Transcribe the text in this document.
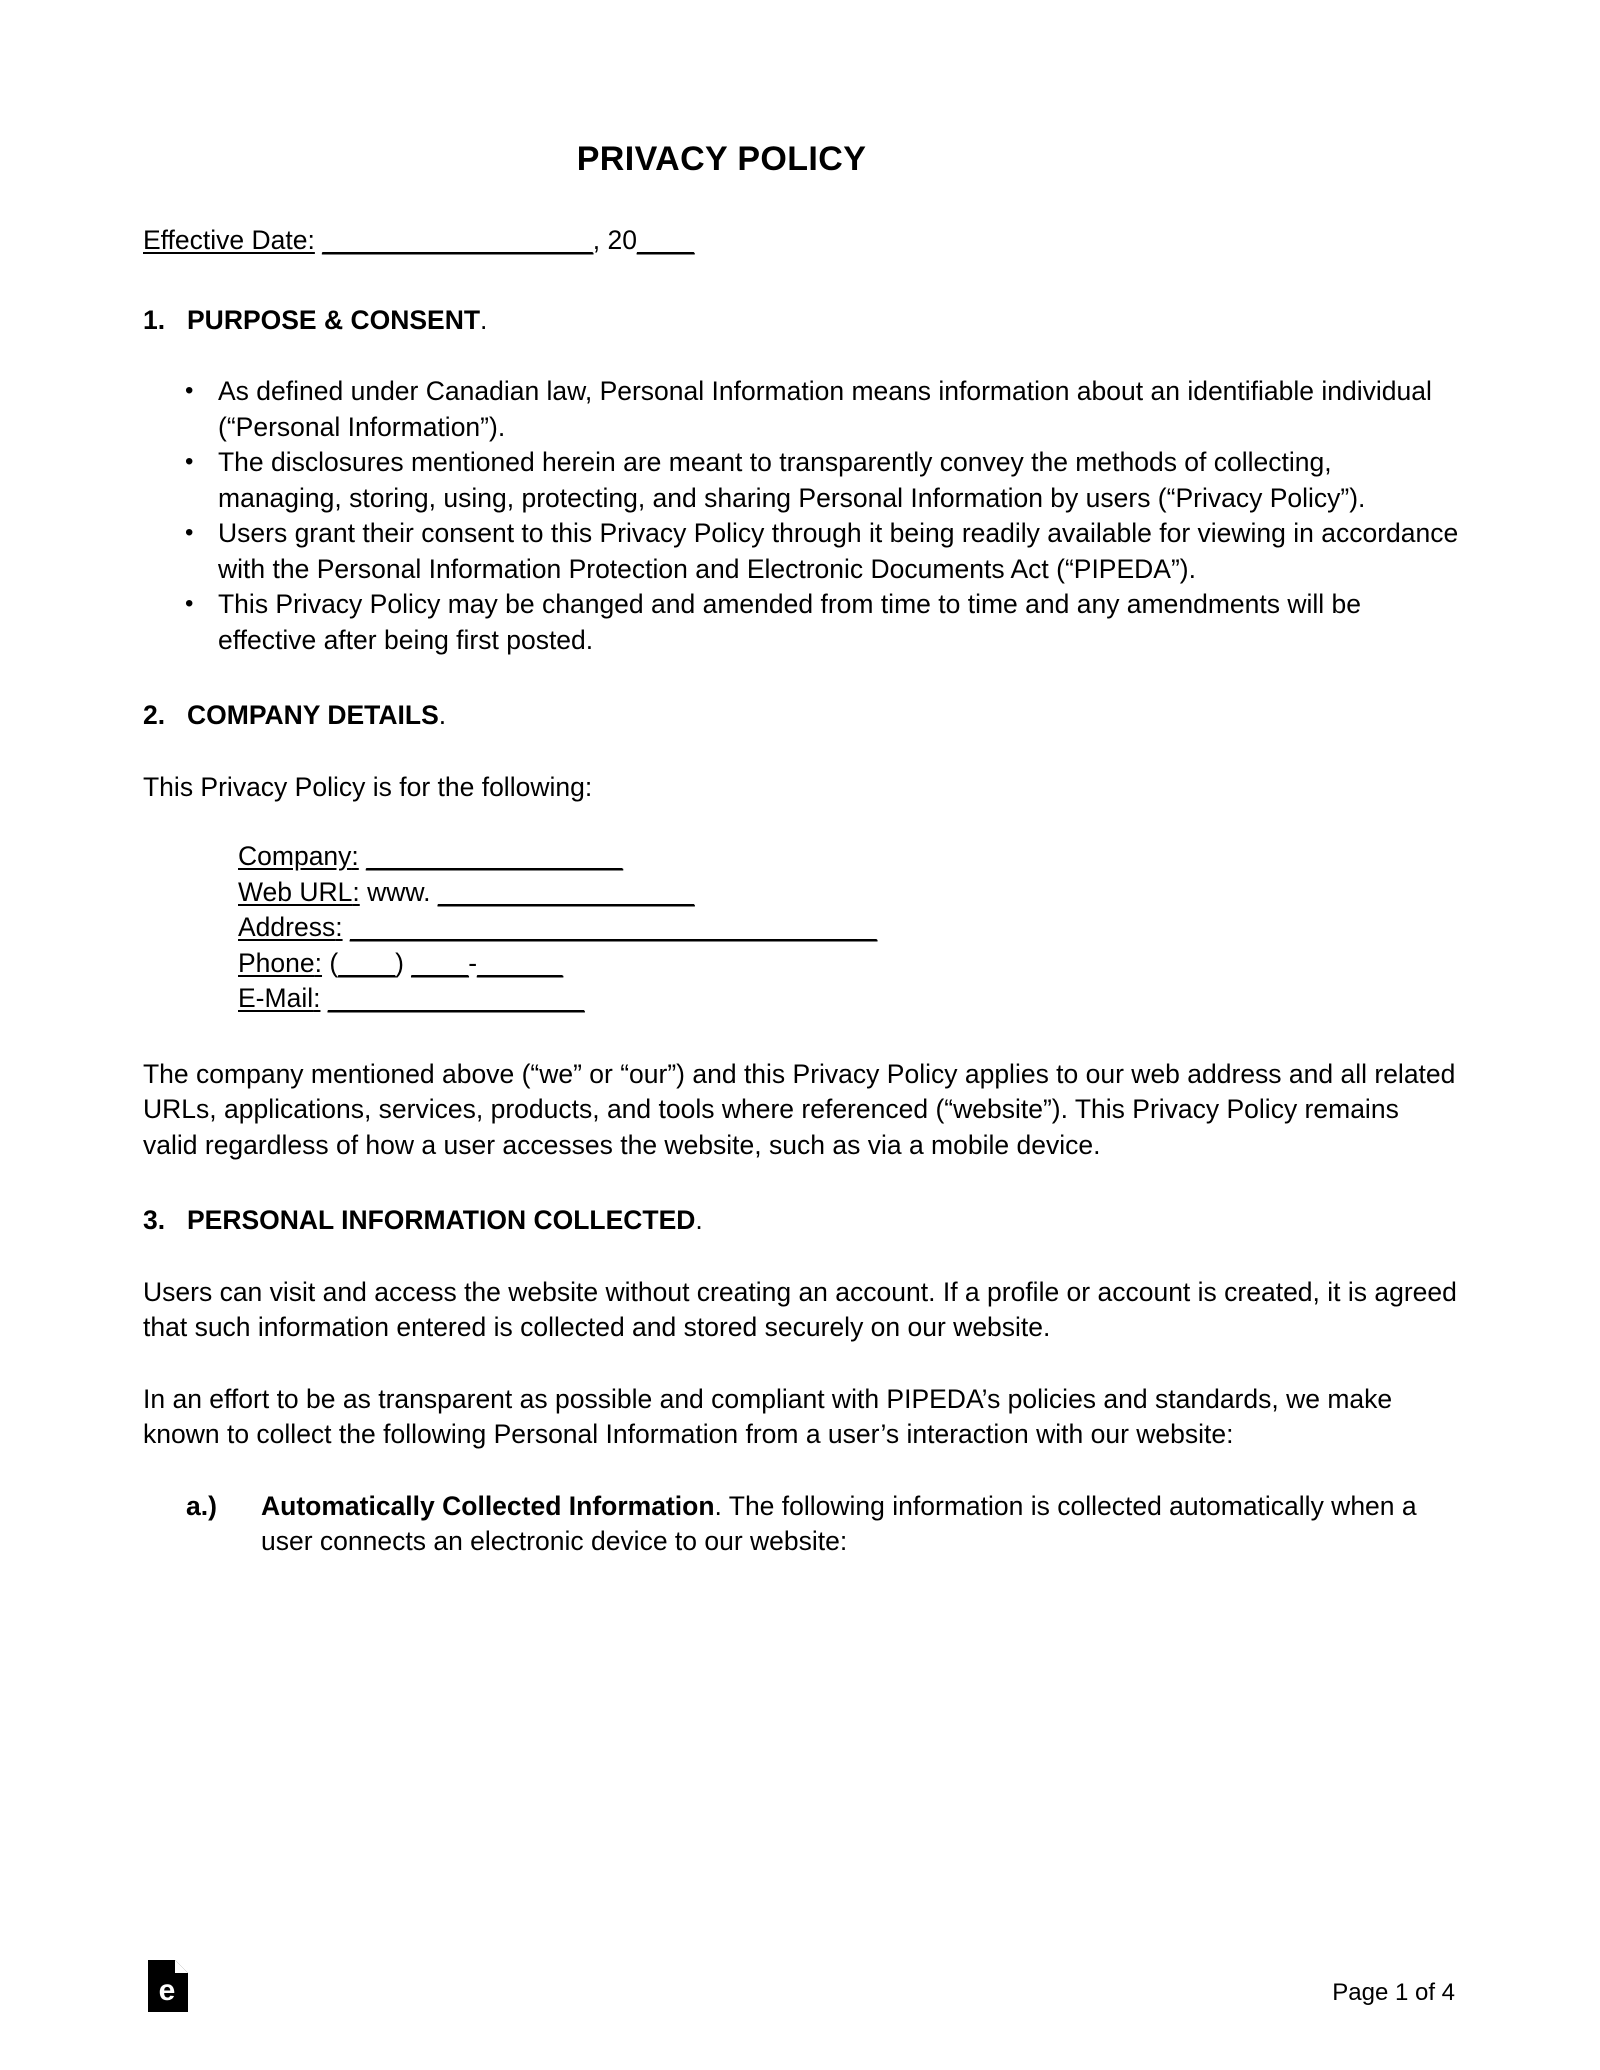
PRIVACY POLICY
Effective Date: ___________________, 20____
1. PURPOSE & CONSENT.
• As defined under Canadian law, Personal Information means information about an identifiable individual (“Personal Information”).
• The disclosures mentioned herein are meant to transparently convey the methods of collecting, managing, storing, using, protecting, and sharing Personal Information by users (“Privacy Policy”).
• Users grant their consent to this Privacy Policy through it being readily available for viewing in accordance with the Personal Information Protection and Electronic Documents Act (“PIPEDA”).
• This Privacy Policy may be changed and amended from time to time and any amendments will be effective after being first posted.
2. COMPANY DETAILS.

This Privacy Policy is for the following:

Company: __________________
Web URL: www. __________________
Address: _____________________________________
Phone: (____) ____-______
E-Mail: __________________

The company mentioned above (“we” or “our”) and this Privacy Policy applies to our web address and all related URLs, applications, services, products, and tools where referenced (“website”). This Privacy Policy remains valid regardless of how a user accesses the website, such as via a mobile device.

3. PERSONAL INFORMATION COLLECTED.

Users can visit and access the website without creating an account. If a profile or account is created, it is agreed that such information entered is collected and stored securely on our website.

In an effort to be as transparent as possible and compliant with PIPEDA’s policies and standards, we make known to collect the following Personal Information from a user’s interaction with our website:

a.) Automatically Collected Information. The following information is collected automatically when a user connects an electronic device to our website:
e	Page 1 of 4
